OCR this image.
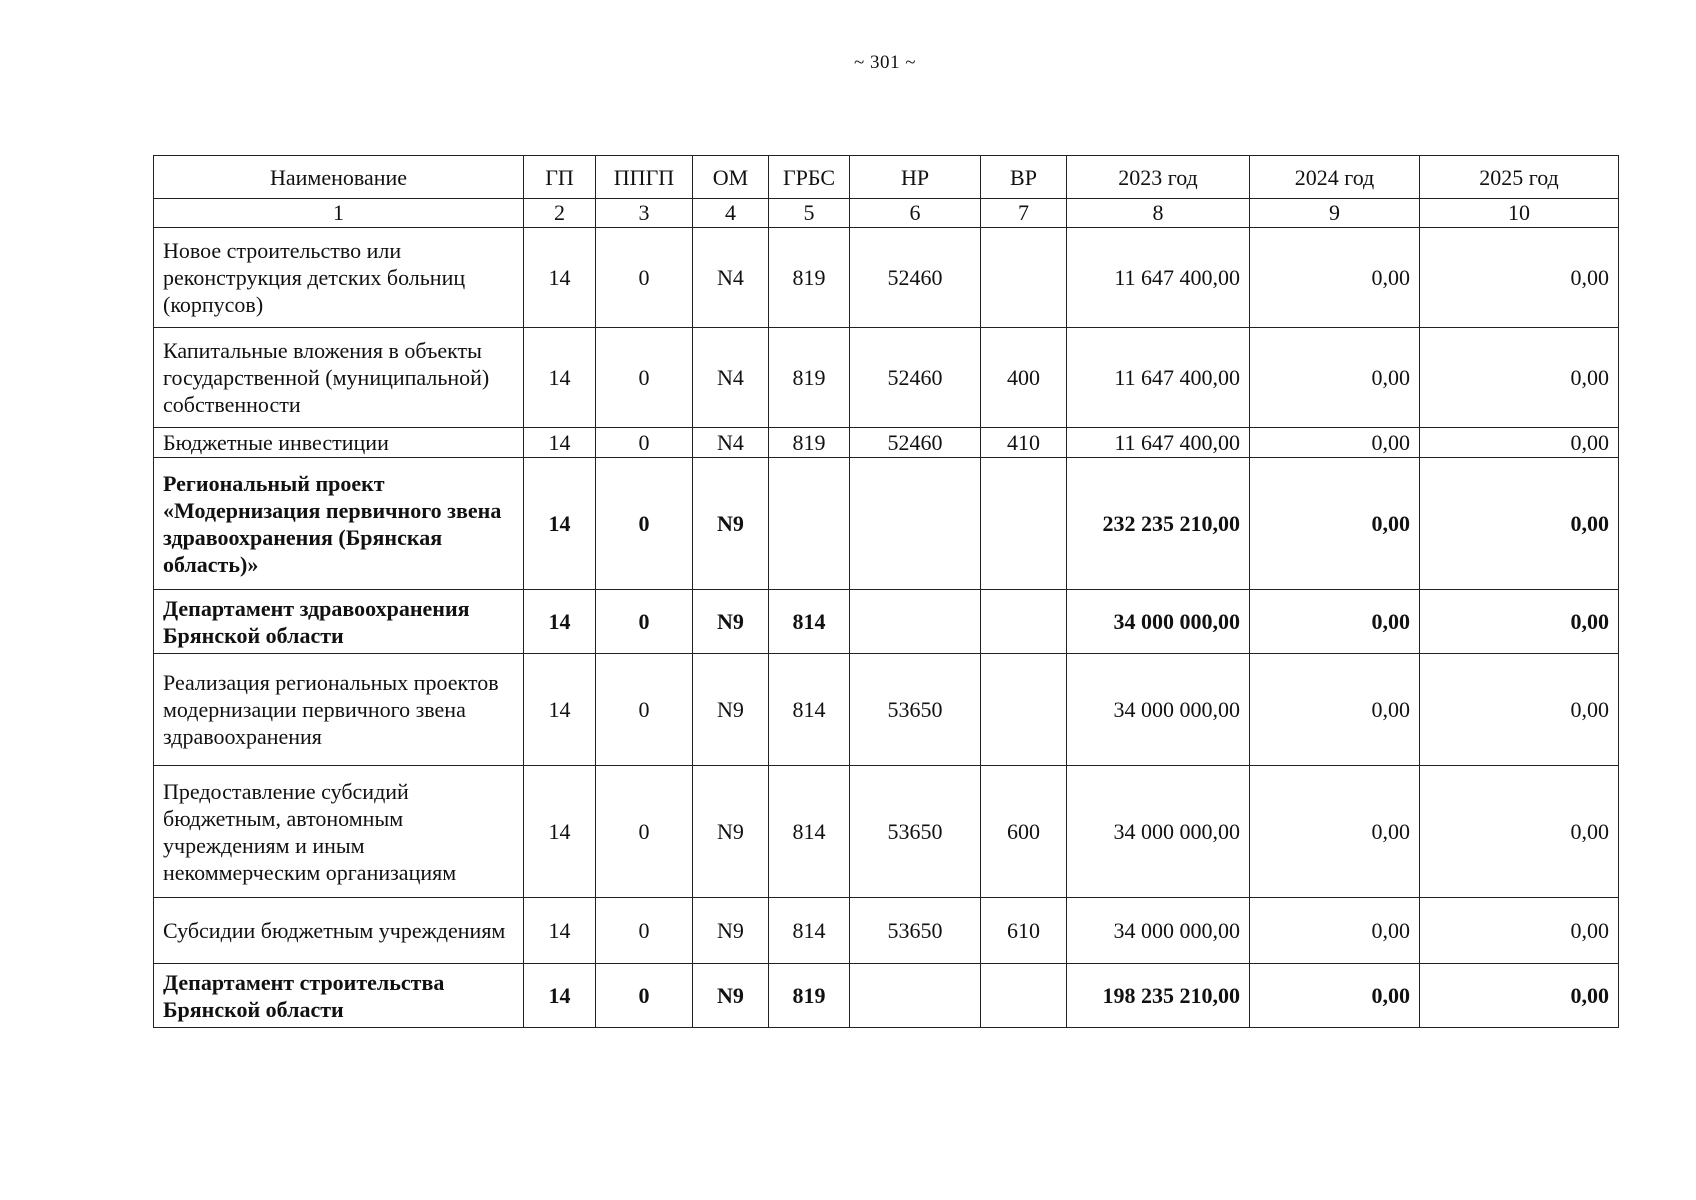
~ 301 ~
Наименование	ГП	ППГП	ОМ	ГРБС	НР	ВР	2023 год	2024 год	2025 год
1	2	3	4	5	6	7	8	9	10
Новое строительство или реконструкция детских больниц (корпусов)	14	0	N4	819	52460		11 647 400,00	0,00	0,00
Капитальные вложения в объекты государственной (муниципальной) собственности	14	0	N4	819	52460	400	11 647 400,00	0,00	0,00
Бюджетные инвестиции	14	0	N4	819	52460	410	11 647 400,00	0,00	0,00
Региональный проект «Модернизация первичного звена здравоохранения (Брянская область)»	14	0	N9				232 235 210,00	0,00	0,00
Департамент здравоохранения Брянской области	14	0	N9	814			34 000 000,00	0,00	0,00
Реализация региональных проектов модернизации первичного звена здравоохранения	14	0	N9	814	53650		34 000 000,00	0,00	0,00
Предоставление субсидий бюджетным, автономным учреждениям и иным некоммерческим организациям	14	0	N9	814	53650	600	34 000 000,00	0,00	0,00
Субсидии бюджетным учреждениям	14	0	N9	814	53650	610	34 000 000,00	0,00	0,00
Департамент строительства Брянской области	14	0	N9	819			198 235 210,00	0,00	0,00
